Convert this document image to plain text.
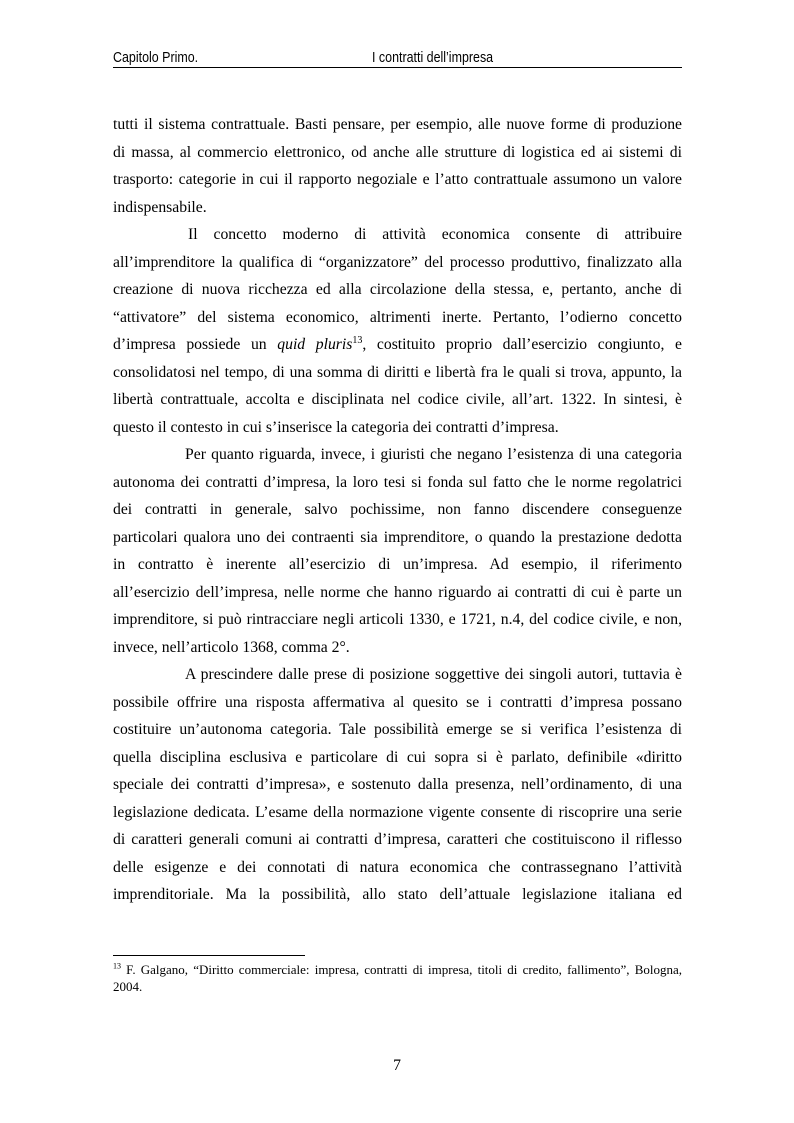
Capitolo Primo.	I contratti dell’impresa
tutti il sistema contrattuale. Basti pensare, per esempio, alle nuove forme di produzione
di massa, al commercio elettronico, od anche alle strutture di logistica ed ai sistemi di
trasporto: categorie in cui il rapporto negoziale e l’atto contrattuale assumono un valore
indispensabile.
Il concetto moderno di attività economica consente di attribuire
all’imprenditore la qualifica di “organizzatore” del processo produttivo, finalizzato alla
creazione di nuova ricchezza ed alla circolazione della stessa, e, pertanto, anche di
“attivatore” del sistema economico, altrimenti inerte. Pertanto, l’odierno concetto
d’impresa possiede un quid pluris$^{13}$, costituito proprio dall’esercizio congiunto, e
consolidatosi nel tempo, di una somma di diritti e libertà fra le quali si trova, appunto, la
libertà contrattuale, accolta e disciplinata nel codice civile, all’art. 1322. In sintesi, è
questo il contesto in cui s’inserisce la categoria dei contratti d’impresa.
Per quanto riguarda, invece, i giuristi che negano l’esistenza di una categoria
autonoma dei contratti d’impresa, la loro tesi si fonda sul fatto che le norme regolatrici
dei contratti in generale, salvo pochissime, non fanno discendere conseguenze
particolari qualora uno dei contraenti sia imprenditore, o quando la prestazione dedotta
in contratto è inerente all’esercizio di un’impresa. Ad esempio, il riferimento
all’esercizio dell’impresa, nelle norme che hanno riguardo ai contratti di cui è parte un
imprenditore, si può rintracciare negli articoli 1330, e 1721, n.4, del codice civile, e non,
invece, nell’articolo 1368, comma 2°.
A prescindere dalle prese di posizione soggettive dei singoli autori, tuttavia è
possibile offrire una risposta affermativa al quesito se i contratti d’impresa possano
costituire un’autonoma categoria. Tale possibilità emerge se si verifica l’esistenza di
quella disciplina esclusiva e particolare di cui sopra si è parlato, definibile «diritto
speciale dei contratti d’impresa», e sostenuto dalla presenza, nell’ordinamento, di una
legislazione dedicata. L’esame della normazione vigente consente di riscoprire una serie
di caratteri generali comuni ai contratti d’impresa, caratteri che costituiscono il riflesso
delle esigenze e dei connotati di natura economica che contrassegnano l’attività
imprenditoriale. Ma la possibilità, allo stato dell’attuale legislazione italiana ed
$^{13}$ F. Galgano, “Diritto commerciale: impresa, contratti di impresa, titoli di credito, fallimento”, Bologna,
2004.
7
